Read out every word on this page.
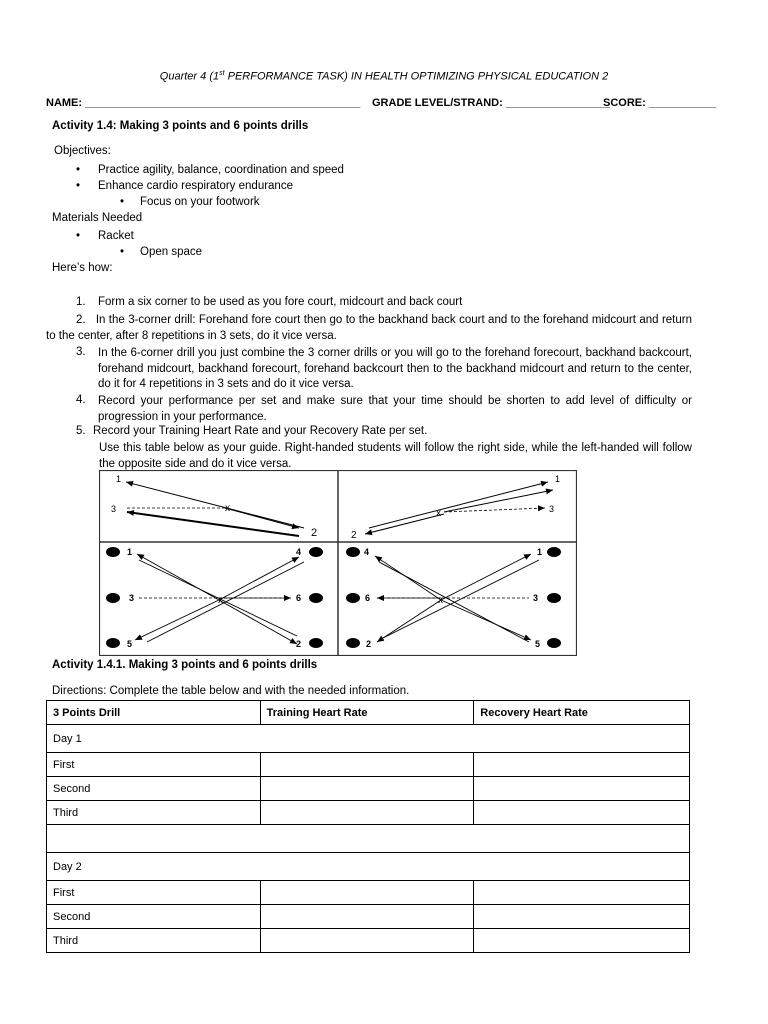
Quarter 4 (1st PERFORMANCE TASK) IN HEALTH OPTIMIZING PHYSICAL EDUCATION 2
NAME: _____________________________________________ GRADE LEVEL/STRAND: _________________
SCORE: ___________
Activity 1.4: Making 3 points and 6 points drills
Objectives:
• Practice agility, balance, coordination and speed
• Enhance cardio respiratory endurance
• Focus on your footwork
Materials Needed
• Racket
• Open space
Here’s how:
1. Form a six corner to be used as you fore court, midcourt and back court
2. In the 3-corner drill: Forehand fore court then go to the backhand back court and to the forehand midcourt and return to the center, after 8 repetitions in 3 sets, do it vice versa.
3. In the 6-corner drill you just combine the 3 corner drills or you will go to the forehand forecourt, backhand backcourt, forehand midcourt, backhand forecourt, forehand backcourt then to the backhand midcourt and return to the center, do it for 4 repetitions in 3 sets and do it vice versa.
4. Record your performance per set and make sure that your time should be shorten to add level of difficulty or progression in your performance.
5. Record your Training Heart Rate and your Recovery Rate per set.
Use this table below as your guide. Right-handed students will follow the right side, while the left-handed will follow the opposite side and do it vice versa.
1
3
2
x
1
3
2
x
1
3
5
4
6
2
x
4
6
2
1
3
5
x
Activity 1.4.1. Making 3 points and 6 points drills
Directions: Complete the table below and with the needed information.
3 Points Drill	Training Heart Rate	Recovery Heart Rate
Day 1		
First		
Second		
Third		

Day 2		
First		
Second		
Third		
